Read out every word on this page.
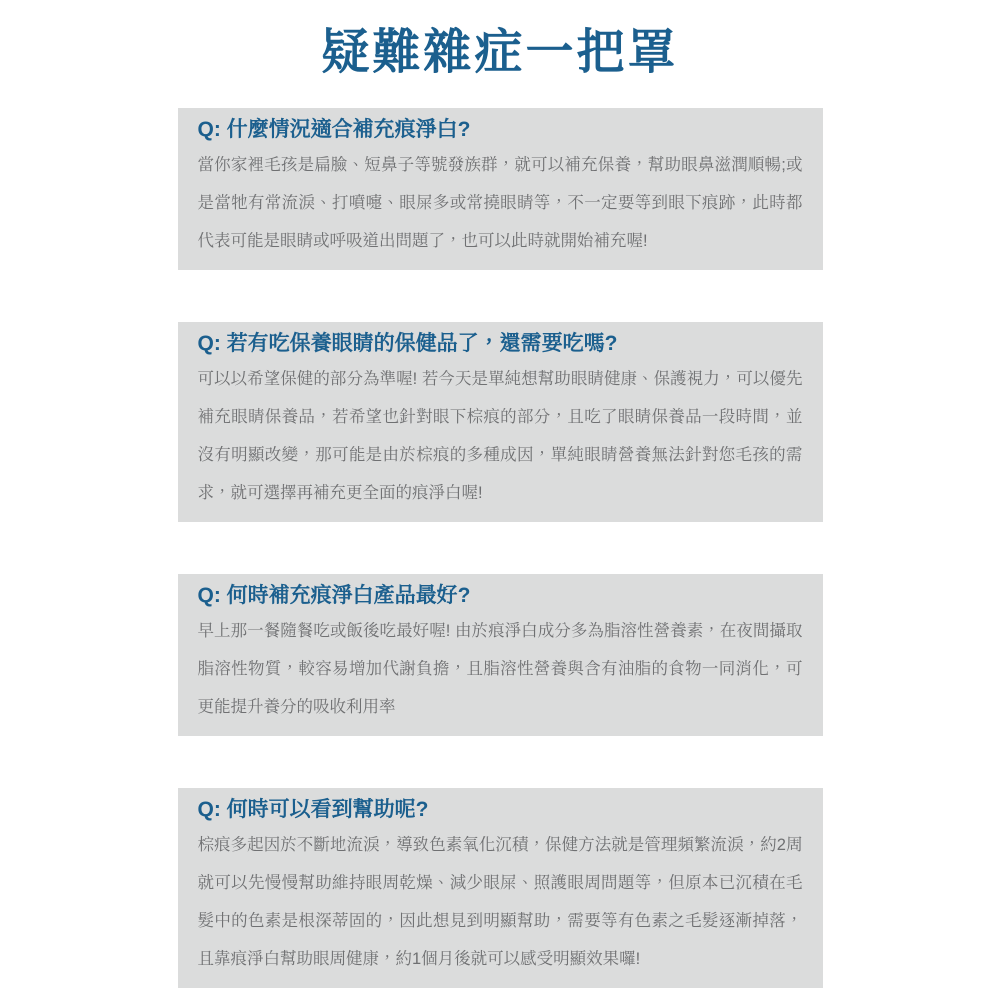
疑難雜症一把罩
Q: 什麼情況適合補充痕淨白?

當你家裡毛孩是扁臉、短鼻子等號發族群，就可以補充保養，幫助眼鼻滋潤順暢;或是當牠有常流淚、打噴嚏、眼屎多或常撓眼睛等，不一定要等到眼下痕跡，此時都代表可能是眼睛或呼吸道出問題了，也可以此時就開始補充喔!

Q: 若有吃保養眼睛的保健品了，還需要吃嗎?

可以以希望保健的部分為準喔! 若今天是單純想幫助眼睛健康、保護視力，可以優先補充眼睛保養品，若希望也針對眼下棕痕的部分，且吃了眼睛保養品一段時間，並沒有明顯改變，那可能是由於棕痕的多種成因，單純眼睛營養無法針對您毛孩的需求，就可選擇再補充更全面的痕淨白喔!

Q: 何時補充痕淨白產品最好?

早上那一餐隨餐吃或飯後吃最好喔! 由於痕淨白成分多為脂溶性營養素，在夜間攝取脂溶性物質，較容易增加代謝負擔，且脂溶性營養與含有油脂的食物一同消化，可更能提升養分的吸收利用率

Q: 何時可以看到幫助呢?

棕痕多起因於不斷地流淚，導致色素氧化沉積，保健方法就是管理頻繁流淚，約2周就可以先慢慢幫助維持眼周乾燥、減少眼屎、照護眼周問題等，但原本已沉積在毛髮中的色素是根深蒂固的，因此想見到明顯幫助，需要等有色素之毛髮逐漸掉落，且靠痕淨白幫助眼周健康，約1個月後就可以感受明顯效果囉!
